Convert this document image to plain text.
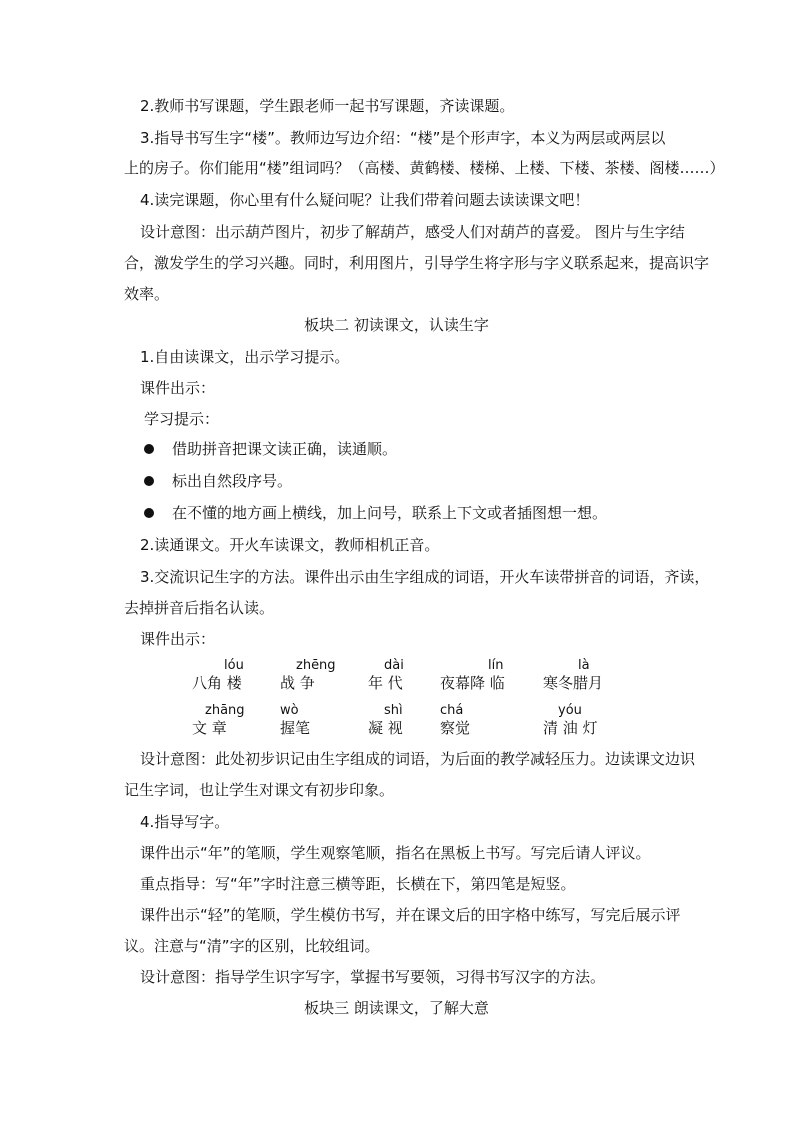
2.教师书写课题，学生跟老师一起书写课题，齐读课题。
3.指导书写生字“楼”。教师边写边介绍：“楼”是个形声字，本义为两层或两层以
上的房子。你们能用“楼”组词吗？（高楼、黄鹤楼、楼梯、上楼、下楼、茶楼、阁楼……）
4.读完课题，你心里有什么疑问呢？让我们带着问题去读读课文吧！
设计意图：出示葫芦图片，初步了解葫芦，感受人们对葫芦的喜爱。 图片与生字结
合，激发学生的学习兴趣。同时，利用图片，引导学生将字形与字义联系起来，提高识字
效率。
板块二 初读课文，认读生字
1.自由读课文，出示学习提示。
课件出示：
学习提示：
借助拼音把课文读正确，读通顺。
标出自然段序号。
在不懂的地方画上横线，加上问号，联系上下文或者插图想一想。
2.读通课文。开火车读课文，教师相机正音。
3.交流识记生字的方法。课件出示由生字组成的词语，开火车读带拼音的词语，齐读，
去掉拼音后指名认读。
课件出示：
lóu
八角 楼
zhēng
战 争
dài
年 代
lín
夜幕降 临
là
寒冬腊月
zhāng
文 章
wò
握笔
shì
凝 视
chá
察觉
yóu
清 油 灯
设计意图：此处初步识记由生字组成的词语，为后面的教学减轻压力。边读课文边识
记生字词，也让学生对课文有初步印象。
4.指导写字。
课件出示“年”的笔顺，学生观察笔顺，指名在黑板上书写。写完后请人评议。
重点指导：写“年”字时注意三横等距，长横在下，第四笔是短竖。
课件出示“轻”的笔顺，学生模仿书写，并在课文后的田字格中练写，写完后展示评
议。注意与“清”字的区别，比较组词。
设计意图：指导学生识字写字，掌握书写要领，习得书写汉字的方法。
板块三 朗读课文，了解大意
